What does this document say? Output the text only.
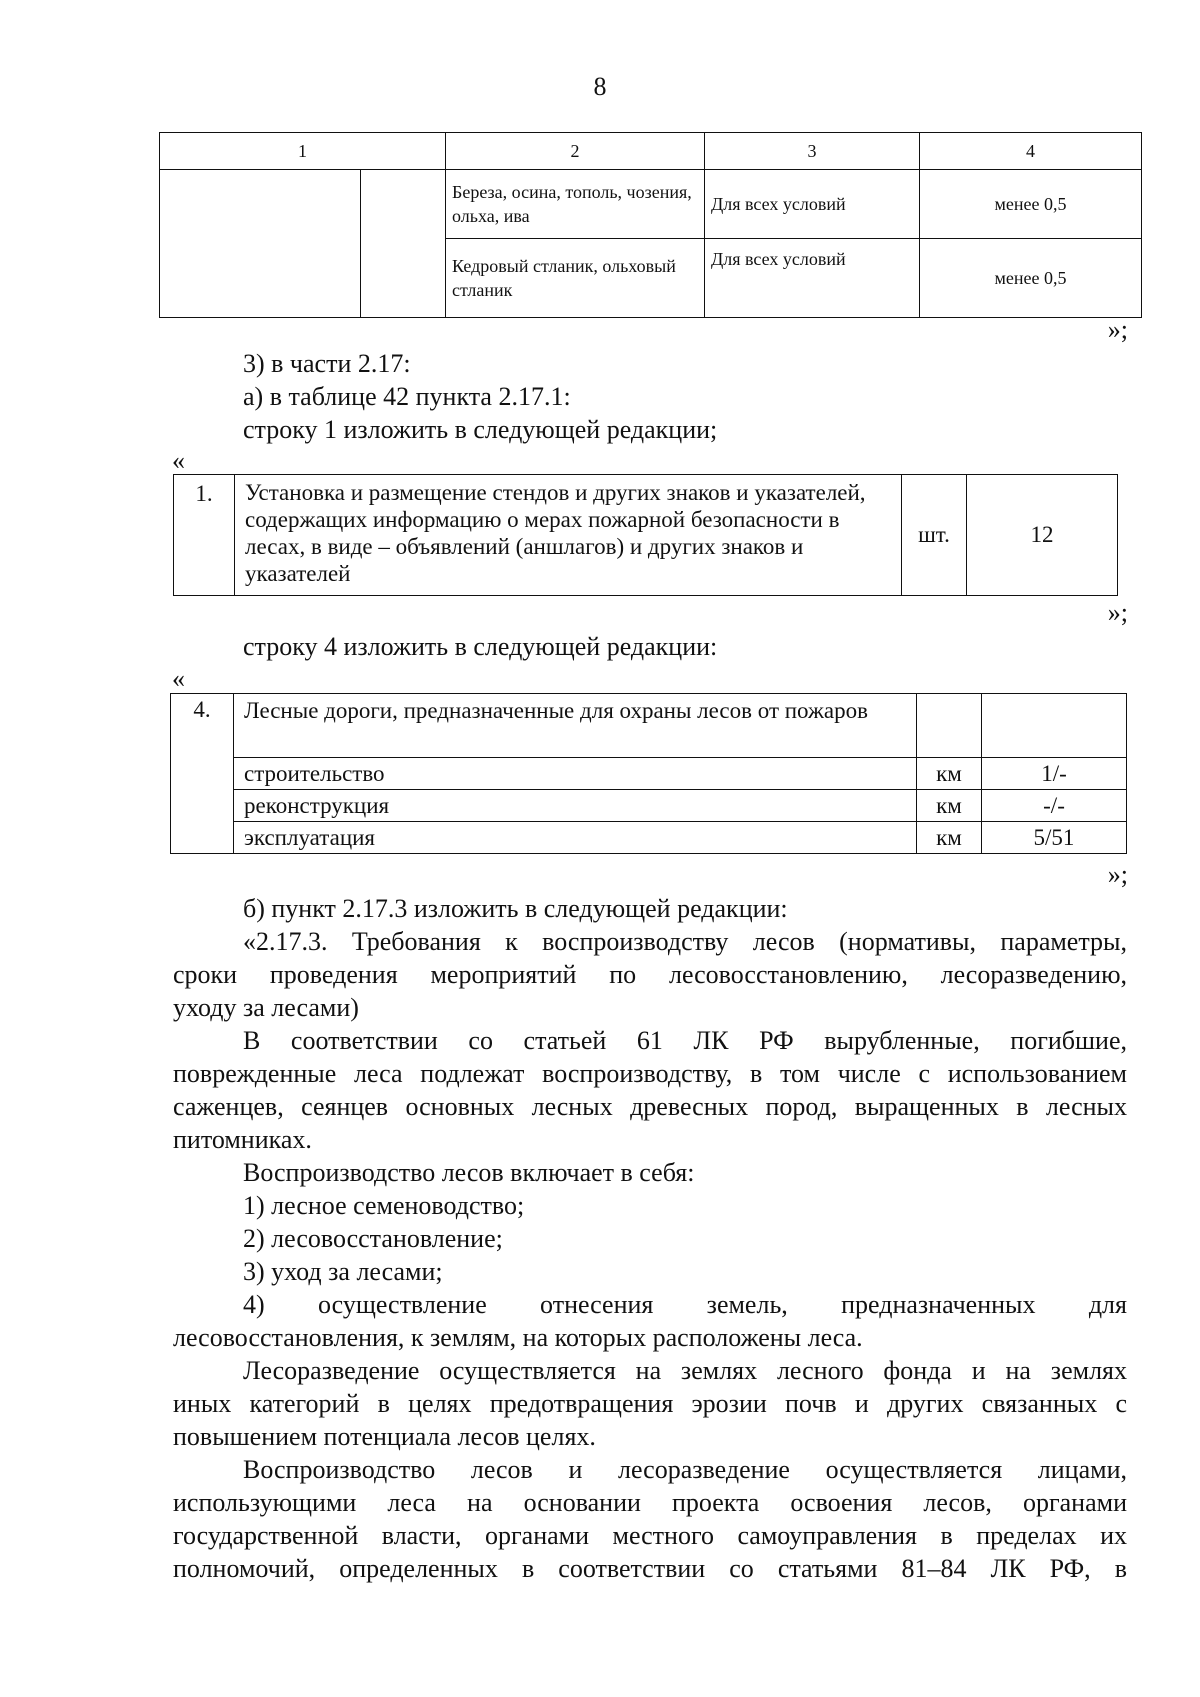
8
1		2	3	4
		Береза, осина, тополь, чозения, ольха, ива	Для всех условий	менее 0,5
		Кедровый стланик, ольховый стланик	Для всех условий	менее 0,5
»;
3) в части 2.17:
а) в таблице 42 пункта 2.17.1:
строку 1 изложить в следующей редакции;
«
1.	Установка и размещение стендов и других знаков и указателей, содержащих информацию о мерах пожарной безопасности в лесах, в виде – объявлений (аншлагов) и других знаков и указателей	шт.	12
»;
строку 4 изложить в следующей редакции:
«
4.	Лесные дороги, предназначенные для охраны лесов от пожаров		
	строительство	км	1/-
	реконструкция	км	-/-
	эксплуатация	км	5/51
»;
б) пункт 2.17.3 изложить в следующей редакции:
«2.17.3. Требования к воспроизводству лесов (нормативы, параметры,
сроки проведения мероприятий по лесовосстановлению, лесоразведению,
уходу за лесами)
В соответствии со статьей 61 ЛК РФ вырубленные, погибшие,
поврежденные леса подлежат воспроизводству, в том числе с использованием
саженцев, сеянцев основных лесных древесных пород, выращенных в лесных
питомниках.
Воспроизводство лесов включает в себя:
1) лесное семеноводство;
2) лесовосстановление;
3) уход за лесами;
4) осуществление отнесения земель, предназначенных для
лесовосстановления, к землям, на которых расположены леса.
Лесоразведение осуществляется на землях лесного фонда и на землях
иных категорий в целях предотвращения эрозии почв и других связанных с
повышением потенциала лесов целях.
Воспроизводство лесов и лесоразведение осуществляется лицами,
использующими леса на основании проекта освоения лесов, органами
государственной власти, органами местного самоуправления в пределах их
полномочий, определенных в соответствии со статьями 81–84 ЛК РФ, в
